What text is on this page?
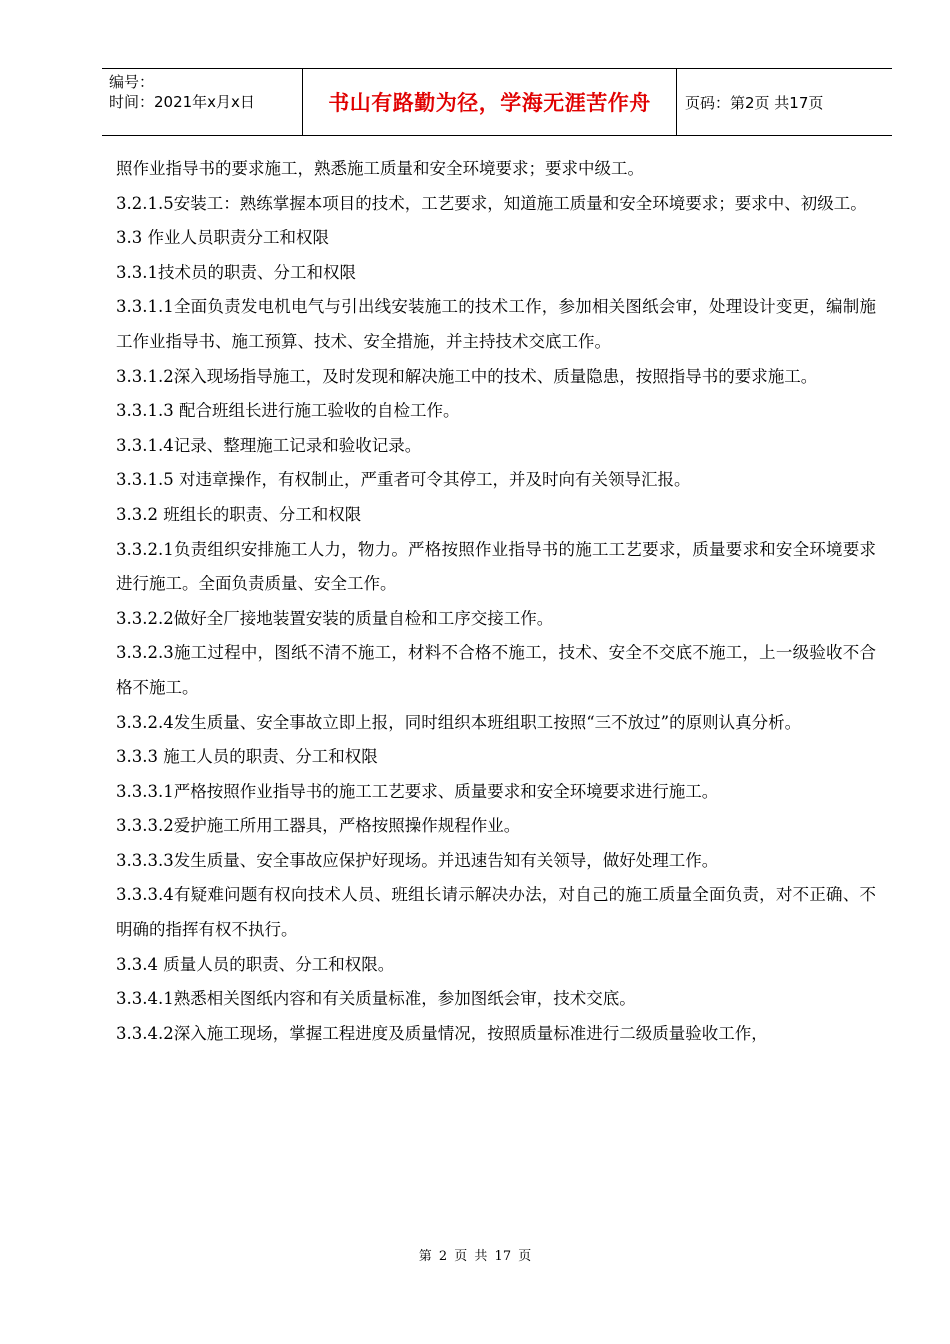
编号：
时间：2021年x月x日	书山有路勤为径，学海无涯苦作舟	页码：第2页 共17页

照作业指导书的要求施工，熟悉施工质量和安全环境要求；要求中级工。

3.2.1.5安装工：熟练掌握本项目的技术，工艺要求，知道施工质量和安全环境要求；要求中、初级工。

3.3 作业人员职责分工和权限

3.3.1技术员的职责、分工和权限

3.3.1.1全面负责发电机电气与引出线安装施工的技术工作，参加相关图纸会审，处理设计变更，编制施工作业指导书、施工预算、技术、安全措施，并主持技术交底工作。

3.3.1.2深入现场指导施工，及时发现和解决施工中的技术、质量隐患，按照指导书的要求施工。

3.3.1.3 配合班组长进行施工验收的自检工作。

3.3.1.4记录、整理施工记录和验收记录。

3.3.1.5 对违章操作，有权制止，严重者可令其停工，并及时向有关领导汇报。

3.3.2 班组长的职责、分工和权限

3.3.2.1负责组织安排施工人力，物力。严格按照作业指导书的施工工艺要求，质量要求和安全环境要求进行施工。全面负责质量、安全工作。

3.3.2.2做好全厂接地装置安装的质量自检和工序交接工作。

3.3.2.3施工过程中，图纸不清不施工，材料不合格不施工，技术、安全不交底不施工，上一级验收不合格不施工。

3.3.2.4发生质量、安全事故立即上报，同时组织本班组职工按照“三不放过”的原则认真分析。

3.3.3 施工人员的职责、分工和权限

3.3.3.1严格按照作业指导书的施工工艺要求、质量要求和安全环境要求进行施工。

3.3.3.2爱护施工所用工器具，严格按照操作规程作业。

3.3.3.3发生质量、安全事故应保护好现场。并迅速告知有关领导，做好处理工作。

3.3.3.4有疑难问题有权向技术人员、班组长请示解决办法，对自己的施工质量全面负责，对不正确、不明确的指挥有权不执行。

3.3.4 质量人员的职责、分工和权限。

3.3.4.1熟悉相关图纸内容和有关质量标准，参加图纸会审，技术交底。

3.3.4.2深入施工现场，掌握工程进度及质量情况，按照质量标准进行二级质量验收工作，

第 2 页 共 17 页
